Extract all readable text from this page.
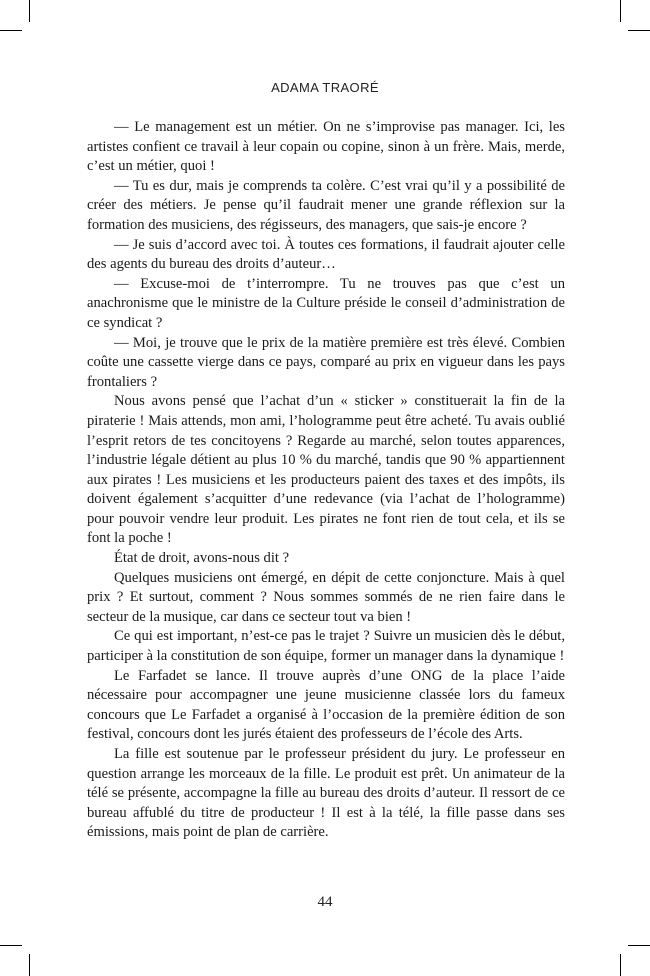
ADAMA TRAORÉ

— Le management est un métier. On ne s’improvise pas manager. Ici, les artistes confient ce travail à leur copain ou copine, sinon à un frère. Mais, merde, c’est un métier, quoi !

— Tu es dur, mais je comprends ta colère. C’est vrai qu’il y a possibilité de créer des métiers. Je pense qu’il faudrait mener une grande réflexion sur la formation des musiciens, des régisseurs, des managers, que sais-je encore ?

— Je suis d’accord avec toi. À toutes ces formations, il faudrait ajouter celle des agents du bureau des droits d’auteur…

— Excuse-moi de t’interrompre. Tu ne trouves pas que c’est un anachronisme que le ministre de la Culture préside le conseil d’administration de ce syndicat ?

— Moi, je trouve que le prix de la matière première est très élevé. Combien coûte une cassette vierge dans ce pays, comparé au prix en vigueur dans les pays frontaliers ?

Nous avons pensé que l’achat d’un « sticker » constituerait la fin de la piraterie ! Mais attends, mon ami, l’hologramme peut être acheté. Tu avais oublié l’esprit retors de tes concitoyens ? Regarde au marché, selon toutes apparences, l’industrie légale détient au plus 10 % du marché, tandis que 90 % appartiennent aux pirates ! Les musiciens et les producteurs paient des taxes et des impôts, ils doivent également s’acquitter d’une redevance (via l’achat de l’hologramme) pour pouvoir vendre leur produit. Les pirates ne font rien de tout cela, et ils se font la poche !

État de droit, avons-nous dit ?

Quelques musiciens ont émergé, en dépit de cette conjoncture. Mais à quel prix ? Et surtout, comment ? Nous sommes sommés de ne rien faire dans le secteur de la musique, car dans ce secteur tout va bien !

Ce qui est important, n’est-ce pas le trajet ? Suivre un musicien dès le début, participer à la constitution de son équipe, former un manager dans la dynamique !

Le Farfadet se lance. Il trouve auprès d’une ONG de la place l’aide nécessaire pour accompagner une jeune musicienne classée lors du fameux concours que Le Farfadet a organisé à l’occasion de la première édition de son festival, concours dont les jurés étaient des professeurs de l’école des Arts.

La fille est soutenue par le professeur président du jury. Le professeur en question arrange les morceaux de la fille. Le produit est prêt. Un animateur de la télé se présente, accompagne la fille au bureau des droits d’auteur. Il ressort de ce bureau affublé du titre de producteur ! Il est à la télé, la fille passe dans ses émissions, mais point de plan de carrière.

44
